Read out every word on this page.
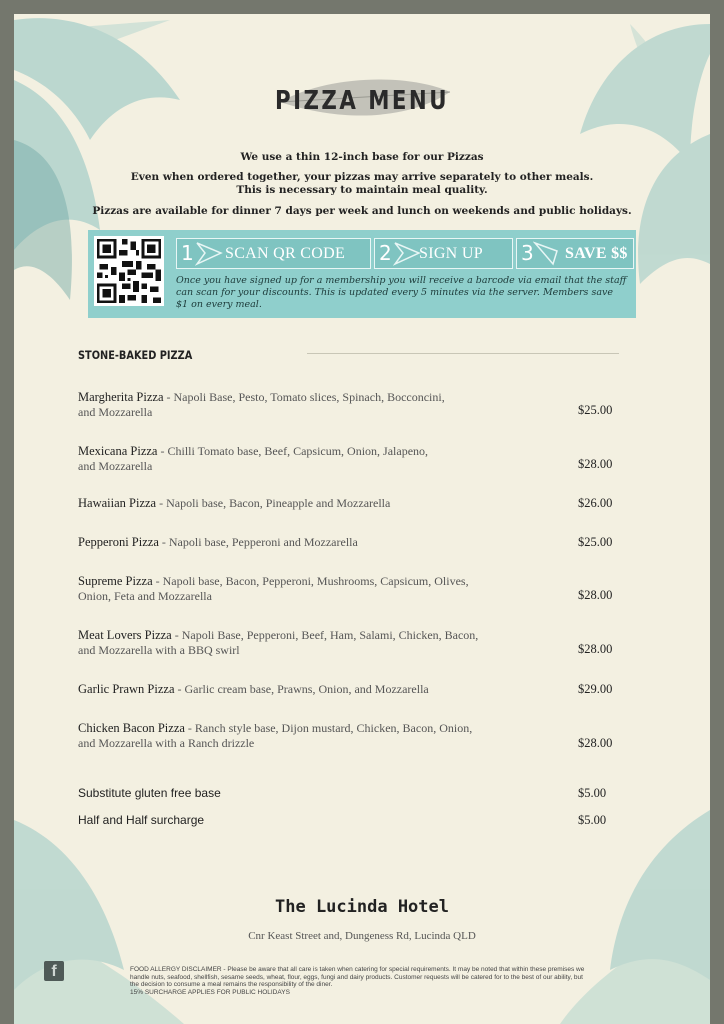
PIZZA MENU
We use a thin 12-inch base for our Pizzas
Even when ordered together, your pizzas may arrive separately to other meals.
This is necessary to maintain meal quality.
Pizzas are available for dinner 7 days per week and lunch on weekends and public holidays.
1 SCAN QR CODE 2 SIGN UP 3 SAVE $$
Once you have signed up for a membership you will receive a barcode via email that the staff can scan for your discounts. This is updated every 5 minutes via the server. Members save $1 on every meal.
STONE-BAKED PIZZA
Margherita Pizza - Napoli Base, Pesto, Tomato slices, Spinach, Bocconcini,
and Mozzarella	$25.00
Mexicana Pizza - Chilli Tomato base, Beef, Capsicum, Onion, Jalapeno,
and Mozzarella	$28.00
Hawaiian Pizza - Napoli base, Bacon, Pineapple and Mozzarella	$26.00
Pepperoni Pizza - Napoli base, Pepperoni and Mozzarella	$25.00
Supreme Pizza - Napoli base, Bacon, Pepperoni, Mushrooms, Capsicum, Olives,
Onion, Feta and Mozzarella	$28.00
Meat Lovers Pizza - Napoli Base, Pepperoni, Beef, Ham, Salami, Chicken, Bacon,
and Mozzarella with a BBQ swirl	$28.00
Garlic Prawn Pizza - Garlic cream base, Prawns, Onion, and Mozzarella	$29.00
Chicken Bacon Pizza - Ranch style base, Dijon mustard, Chicken, Bacon, Onion,
and Mozzarella with a Ranch drizzle	$28.00
Substitute gluten free base	$5.00
Half and Half surcharge	$5.00
The Lucinda Hotel
Cnr Keast Street and, Dungeness Rd, Lucinda QLD
f	FOOD ALLERGY DISCLAIMER - Please be aware that all care is taken when catering for special requirements. It may be noted that within these premises we handle nuts, seafood, shellfish, sesame seeds, wheat, flour, eggs, fungi and dairy products. Customer requests will be catered for to the best of our ability, but the decision to consume a meal remains the responsibility of the diner.
15% SURCHARGE APPLIES FOR PUBLIC HOLIDAYS
